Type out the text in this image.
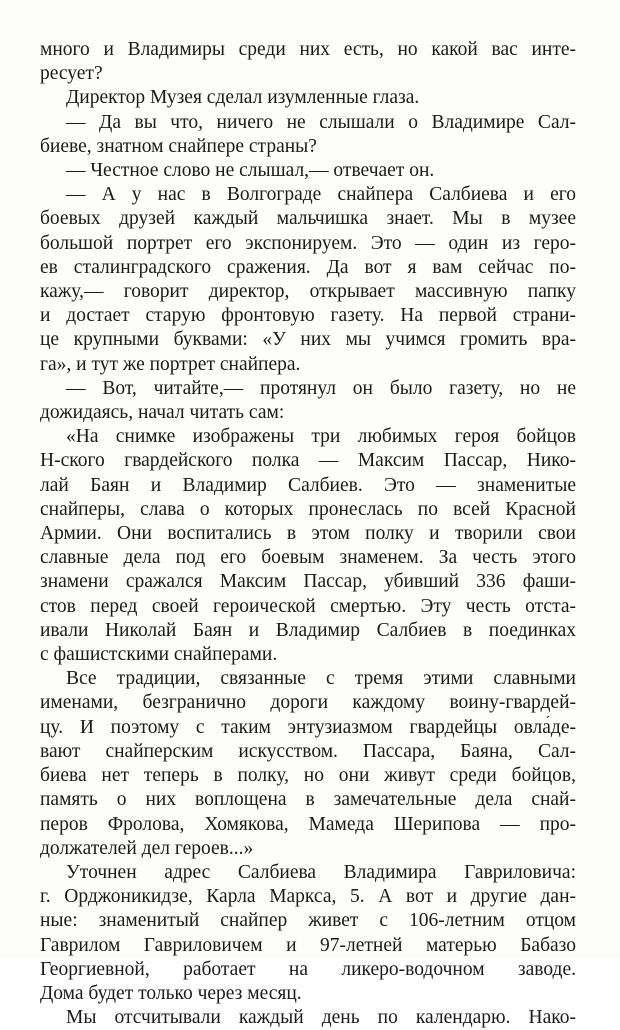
много и Владимиры среди них есть, но какой вас инте-
ресует?
Директор Музея сделал изумленные глаза.
— Да вы что, ничего не слышали о Владимире Сал-
биеве, знатном снайпере страны?
— Честное слово не слышал,— отвечает он.
— А у нас в Волгограде снайпера Салбиева и его
боевых друзей каждый мальчишка знает. Мы в музее
большой портрет его экспонируем. Это — один из геро-
ев сталинградского сражения. Да вот я вам сейчас по-
кажу,— говорит директор, открывает массивную папку
и достает старую фронтовую газету. На первой страни-
це крупными буквами: «У них мы учимся громить вра-
га», и тут же портрет снайпера.
— Вот, читайте,— протянул он было газету, но не
дожидаясь, начал читать сам:
«На снимке изображены три любимых героя бойцов
Н-ского гвардейского полка — Максим Пассар, Нико-
лай Баян и Владимир Салбиев. Это — знаменитые
снайперы, слава о которых пронеслась по всей Красной
Армии. Они воспитались в этом полку и творили свои
славные дела под его боевым знаменем. За честь этого
знамени сражался Максим Пассар, убивший 336 фаши-
стов перед своей героической смертью. Эту честь отста-
ивали Николай Баян и Владимир Салбиев в поединках
с фашистскими снайперами.
Все традиции, связанные с тремя этими славными
именами, безгранично дороги каждому воину-гвардей-
цу. И поэтому с таким энтузиазмом гвардейцы овла́де-
вают снайперским искусством. Пассара, Баяна, Сал-
биева нет теперь в полку, но они живут среди бойцов,
память о них воплощена в замечательные дела снай-
перов Фролова, Хомякова, Мамеда Шерипова — про-
должателей дел героев...»
Уточнен адрес Салбиева Владимира Гавриловича:
г. Орджоникидзе, Карла Маркса, 5. А вот и другие дан-
ные: знаменитый снайпер живет с 106-летним отцом
Гаврилом Гавриловичем и 97-летней матерью Бабазо
Георгиевной, работает на ликеро-водочном заводе.
Дома будет только через месяц.
Мы отсчитывали каждый день по календарю. Нако-
